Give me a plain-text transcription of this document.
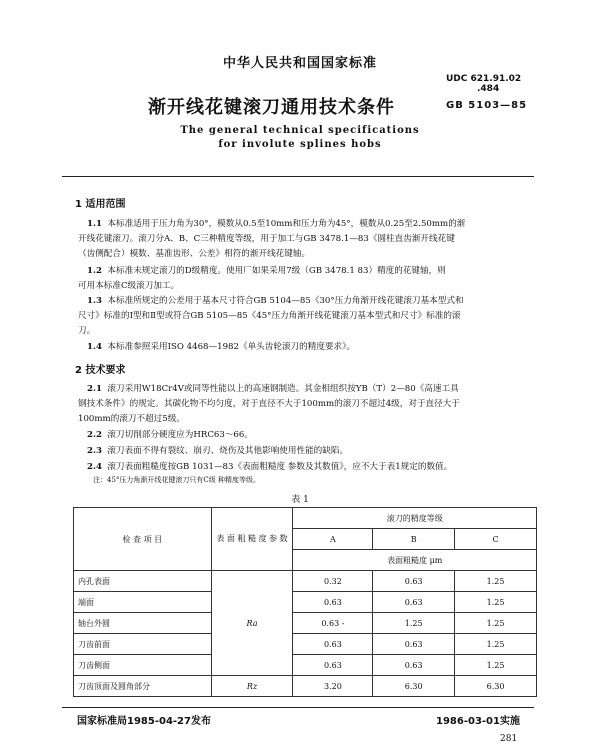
中华人民共和国国家标准
UDC 621.91.02
.484
渐开线花键滚刀通用技术条件	GB 5103—85
The general technical specifications
for involute splines hobs
1 适用范围
1.1 本标准适用于压力角为30°，模数从0.5至10mm和压力角为45°，模数从0.25至2.50mm的渐
开线花键滚刀。滚刀分A、B、C三种精度等级，用于加工与GB 3478.1—83《圆柱直齿渐开线花键
（齿侧配合）模数、基准齿形、公差》相符的渐开线花键轴。
1.2 本标准未规定滚刀的D级精度。使用厂如果采用7级（GB 3478.1 83）精度的花键轴，则
可用本标准C级滚刀加工。
1.3 本标准所规定的公差用于基本尺寸符合GB 5104—85《30°压力角渐开线花键滚刀基本型式和
尺寸》标准的Ⅰ型和Ⅱ型或符合GB 5105—85《45°压力角渐开线花键滚刀基本型式和尺寸》标准的滚
刀。
1.4 本标准参照采用ISO 4468—1982《单头齿轮滚刀的精度要求》。
2 技术要求
2.1 滚刀采用W18Cr4V或同等性能以上的高速钢制造。其金相组织按YB（T）2—80《高速工具
钢技术条件》的规定。其碳化物不均匀度，对于直径不大于100mm的滚刀不超过4级，对于直径大于
100mm的滚刀不超过5级。
2.2 滚刀切削部分硬度应为HRC63～66。
2.3 滚刀表面不得有裂纹、崩刃、烧伤及其他影响使用性能的缺陷。
2.4 滚刀表面粗糙度按GB 1031—83《表面粗糙度 参数及其数值》，应不大于表1规定的数值。
注：45°压力角渐开线花键滚刀只有C级 种精度等级。
表 1
检 查 项 目	表 面 粗 糙 度 参 数	滚刀的精度等级		
		A	B	C
		表面粗糙度 μm		
内孔表面	Ra	0.32	0.63	1.25
端面		0.63	0.63	1.25
轴台外圆		0.63 -	1.25	1.25
刀齿前面		0.63	0.63	1.25
刀齿侧面		0.63	0.63	1.25
刀齿顶面及圆角部分	Rz	3.20	6.30	6.30
国家标准局1985-04-27发布	1986-03-01实施
281
